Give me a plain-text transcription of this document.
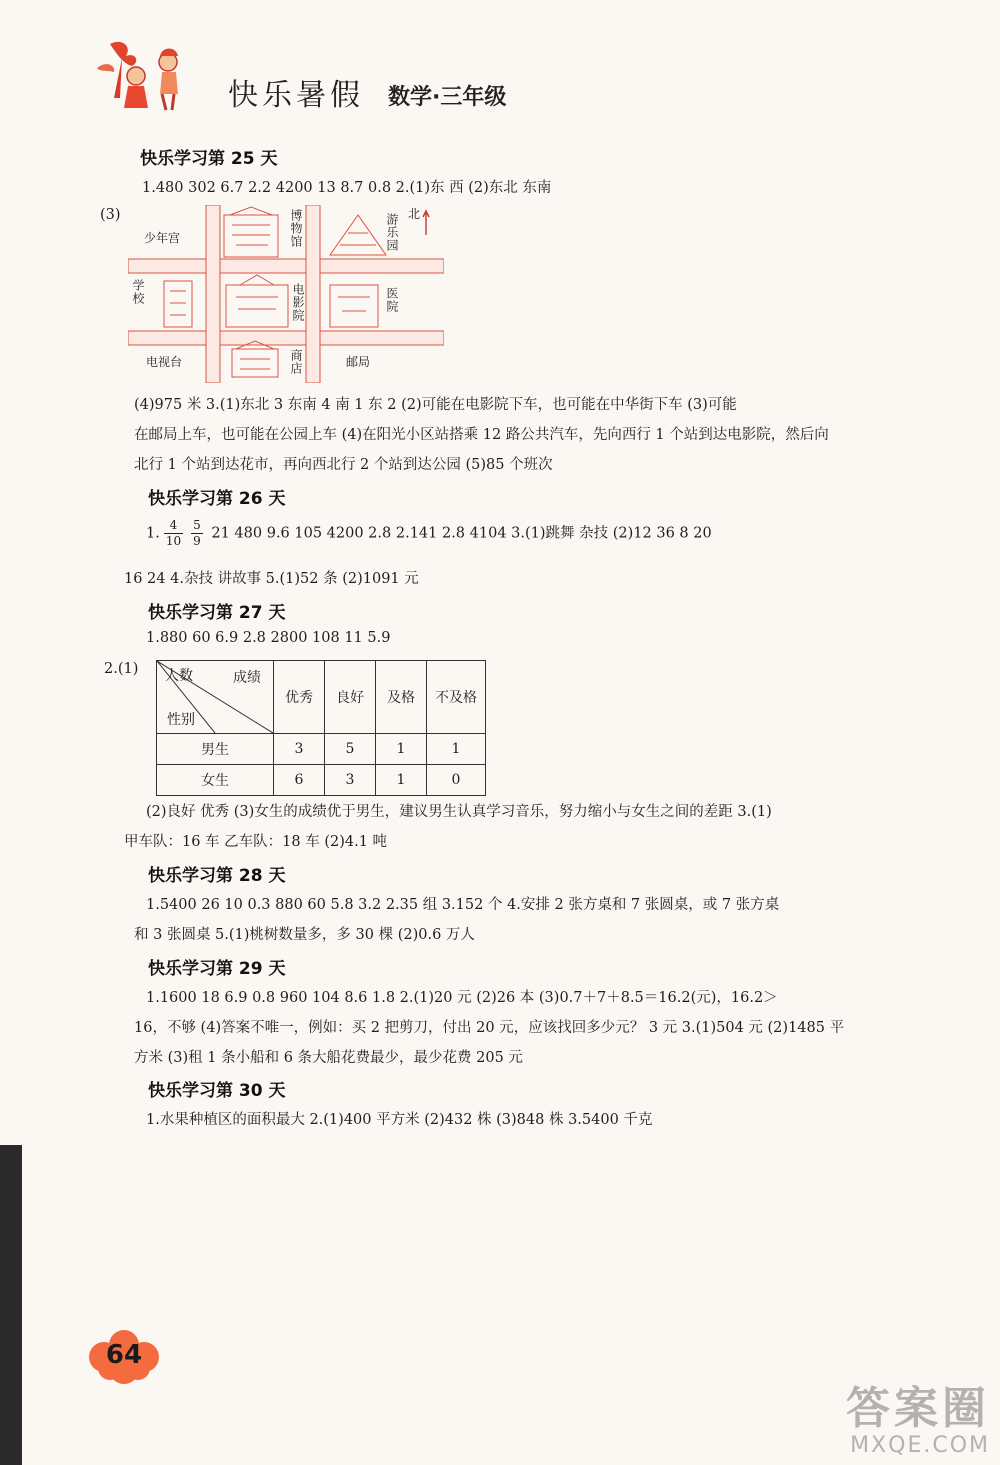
快乐暑假 数学·三年级
快乐学习第 25 天
1.480 302 6.7 2.2 4200 13 8.7 0.8 2.(1)东 西 (2)东北 东南
(3)
少年宫	博物馆	游乐园 北
学校	电影院	医院
电视台	商店	邮局
(4)975 米 3.(1)东北 3 东南 4 南 1 东 2 (2)可能在电影院下车，也可能在中华街下车 (3)可能
在邮局上车，也可能在公园上车 (4)在阳光小区站搭乘 12 路公共汽车，先向西行 1 个站到达电影院，然后向
北行 1 个站到达花市，再向西北行 2 个站到达公园 (5)85 个班次
快乐学习第 26 天
1. $\frac{4}{10} \frac{5}{9} 21$ 480 9.6 105 4200 2.8 2.141 2.8 4104 3.(1)跳舞 杂技 (2)12 36 8 20
16 24 4.杂技 讲故事 5.(1)52 条 (2)1091 元
快乐学习第 27 天
1.880 60 6.9 2.8 2800 108 11 5.9
2.(1) 人数 成绩
性别	优秀	良好	及格	不及格
男生	3	5	1	1
女生	6	3	1	0
(2)良好 优秀 (3)女生的成绩优于男生，建议男生认真学习音乐，努力缩小与女生之间的差距 3.(1)
甲车队：16 车 乙车队：18 车 (2)4.1 吨
快乐学习第 28 天
1.5400 26 10 0.3 880 60 5.8 3.2 2.35 组 3.152 个 4.安排 2 张方桌和 7 张圆桌，或 7 张方桌
和 3 张圆桌 5.(1)桃树数量多，多 30 棵 (2)0.6 万人
快乐学习第 29 天
1.1600 18 6.9 0.8 960 104 8.6 1.8 2.(1)20 元 (2)26 本 (3)0.7＋7＋8.5＝16.2(元)，16.2＞
16，不够 (4)答案不唯一，例如：买 2 把剪刀，付出 20 元，应该找回多少元？ 3 元 3.(1)504 元 (2)1485 平
方米 (3)租 1 条小船和 6 条大船花费最少，最少花费 205 元
快乐学习第 30 天
1.水果种植区的面积最大 2.(1)400 平方米 (2)432 株 (3)848 株 3.5400 千克
64
答案圈
MXQE.COM
